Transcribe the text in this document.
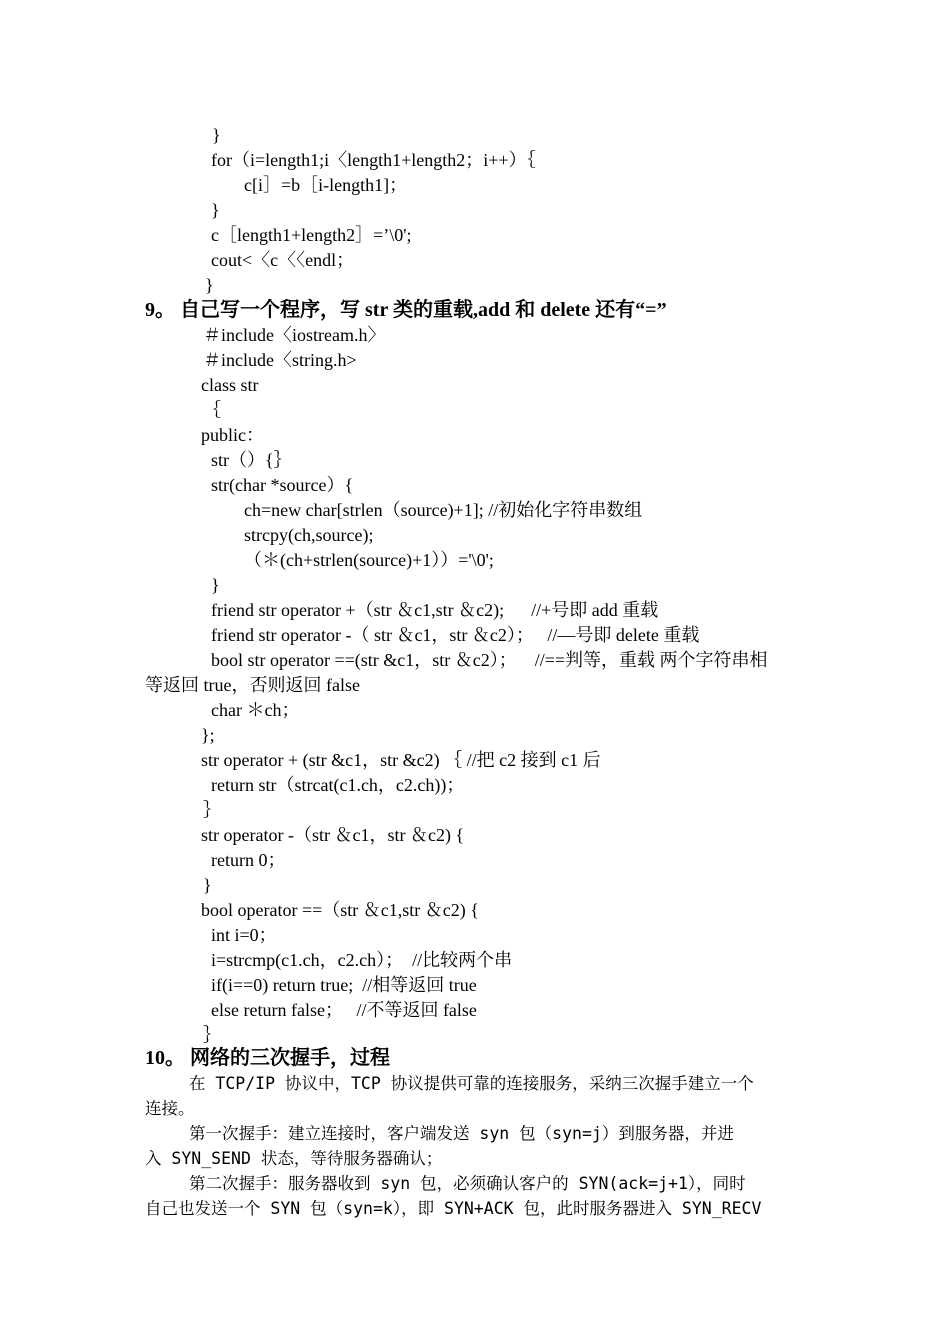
}
for（i=length1;i〈length1+length2；i++）｛
c[i］=b［i-length1]；
}
c［length1+length2］=’\0';
cout<〈c〈〈endl；
}
9。 自己写一个程序，写 str 类的重载,add 和 delete 还有“=”
＃include〈iostream.h〉
＃include〈string.h>
class str
｛
public：
str（）{｝
str(char *source）{
ch=new char[strlen（source)+1]; //初始化字符串数组
strcpy(ch,source);
（＊(ch+strlen(source)+1））='\0';
}
friend str operator +（str ＆c1,str ＆c2);      //+号即 add 重载
friend str operator -（ str ＆c1，str ＆c2）；   //—号即 delete 重载
bool str operator ==(str &c1，str ＆c2）；    //==判等，重载 两个字符串相
等返回 true，否则返回 false
char ＊ch；
};
str operator + (str &c1，str &c2) ｛ //把 c2 接到 c1 后
return str（strcat(c1.ch，c2.ch))；
｝
str operator -（str ＆c1，str ＆c2) {
return 0；
}
bool operator ==（str ＆c1,str ＆c2) {
int i=0；
i=strcmp(c1.ch，c2.ch）；  //比较两个串
if(i==0) return true;  //相等返回 true
else return false；   //不等返回 false
｝
10。 网络的三次握手，过程
在 TCP/IP 协议中，TCP 协议提供可靠的连接服务，采纳三次握手建立一个
连接。
第一次握手：建立连接时，客户端发送 syn 包（syn=j）到服务器，并进
入 SYN_SEND 状态，等待服务器确认；
第二次握手：服务器收到 syn 包，必须确认客户的 SYN(ack=j+1），同时
自己也发送一个 SYN 包（syn=k），即 SYN+ACK 包，此时服务器进入 SYN_RECV
